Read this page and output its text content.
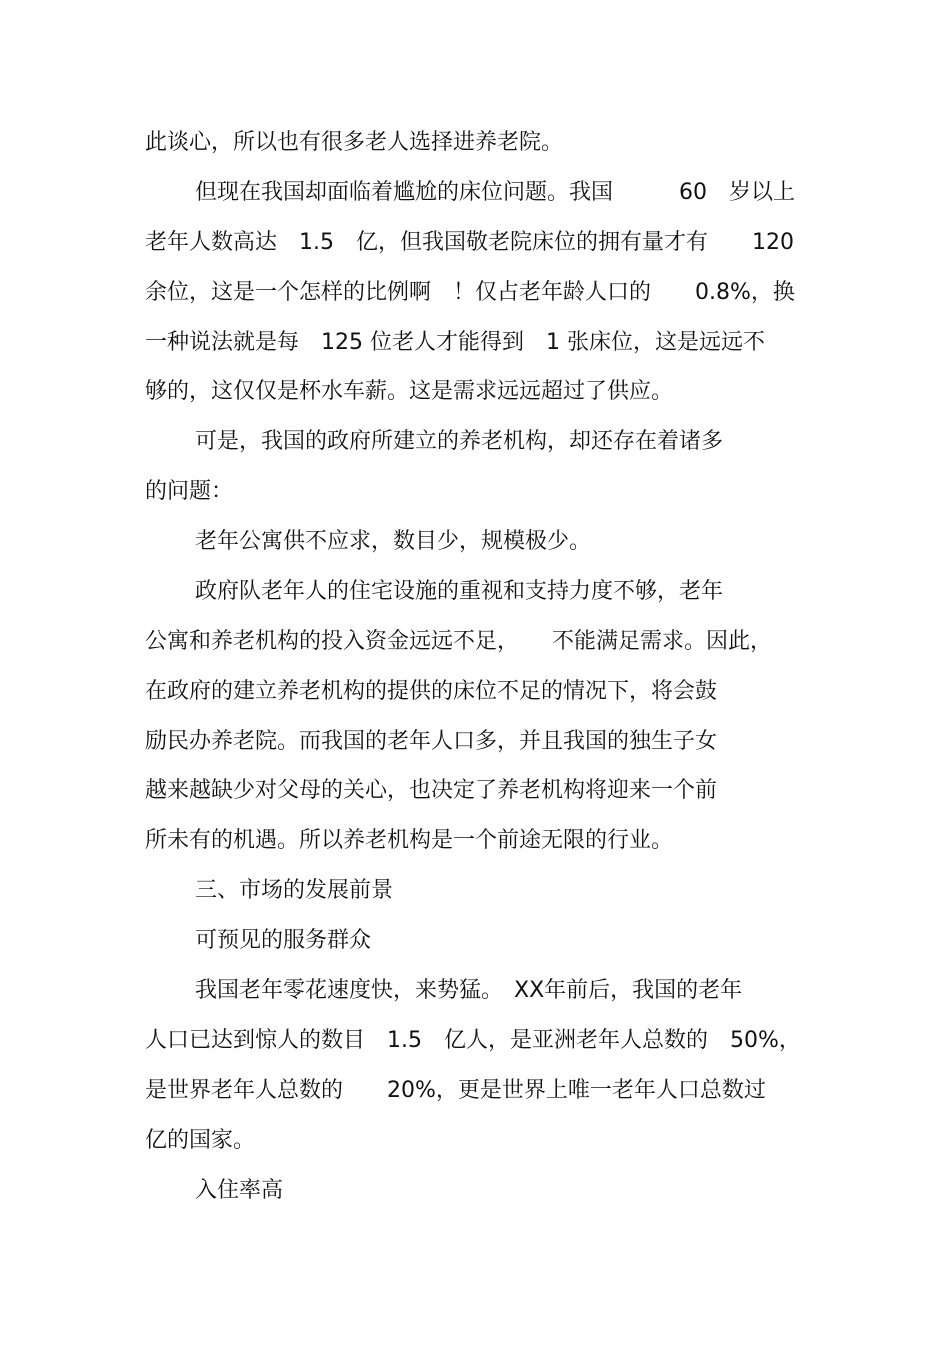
此谈心，所以也有很多老人选择进养老院。
但现在我国却面临着尴尬的床位问题。我国　　　60　岁以上
老年人数高达　1.5　亿，但我国敬老院床位的拥有量才有　　120
余位，这是一个怎样的比例啊　！仅占老年龄人口的　　0.8%，换
一种说法就是每　125 位老人才能得到　1 张床位，这是远远不
够的，这仅仅是杯水车薪。这是需求远远超过了供应。
可是，我国的政府所建立的养老机构，却还存在着诸多
的问题：
老年公寓供不应求，数目少，规模极少。
政府队老年人的住宅设施的重视和支持力度不够，老年
公寓和养老机构的投入资金远远不足，　　不能满足需求。因此，
在政府的建立养老机构的提供的床位不足的情况下，将会鼓
励民办养老院。而我国的老年人口多，并且我国的独生子女
越来越缺少对父母的关心，也决定了养老机构将迎来一个前
所未有的机遇。所以养老机构是一个前途无限的行业。
三、市场的发展前景
可预见的服务群众
我国老年零花速度快，来势猛。　XX年前后，我国的老年
人口已达到惊人的数目　1.5　亿人，是亚洲老年人总数的　50%，
是世界老年人总数的　　20%，更是世界上唯一老年人口总数过
亿的国家。
入住率高
